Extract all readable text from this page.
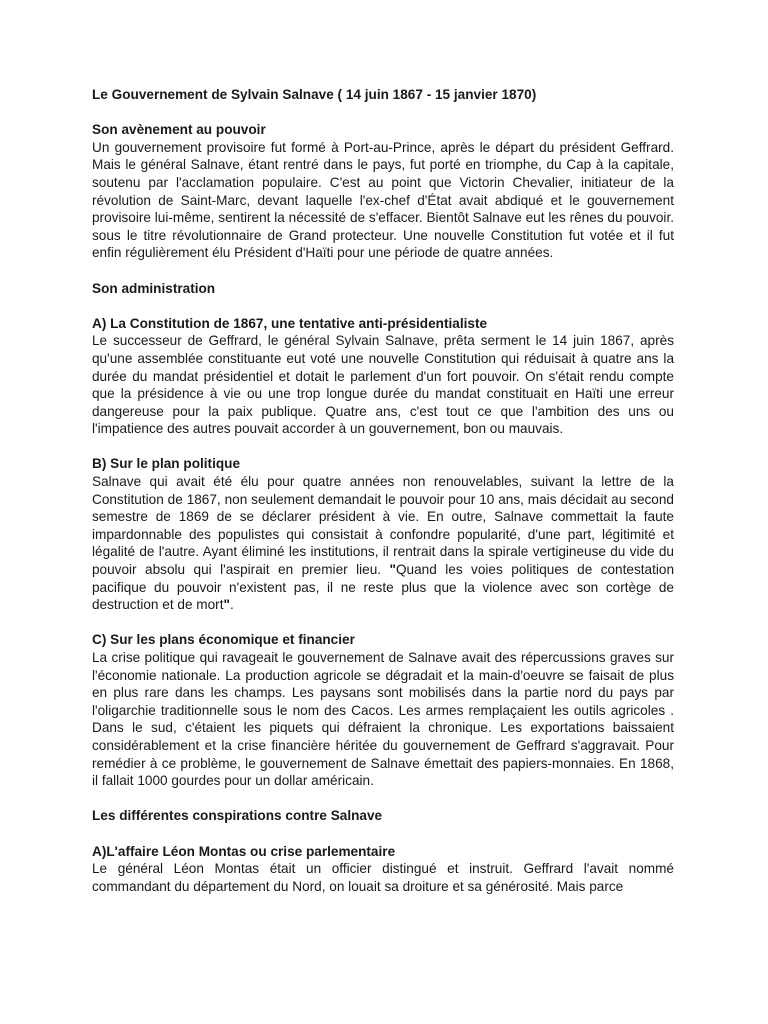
Le Gouvernement de Sylvain Salnave ( 14 juin 1867 - 15 janvier 1870)

Son avènement au pouvoir

Un gouvernement provisoire fut formé à Port-au-Prince, après le départ du président Geffrard. Mais le général Salnave, étant rentré dans le pays, fut porté en triomphe, du Cap à la capitale, soutenu par l'acclamation populaire. C'est au point que Victorin Chevalier, initiateur de la révolution de Saint-Marc, devant laquelle l'ex-chef d'État avait abdiqué et le gouvernement provisoire lui-même, sentirent la nécessité de s'effacer. Bientôt Salnave eut les rênes du pouvoir. sous le titre révolutionnaire de Grand protecteur. Une nouvelle Constitution fut votée et il fut enfin régulièrement élu Président d'Haïti pour une période de quatre années.

Son administration

A) La Constitution de 1867, une tentative anti-présidentialiste

Le successeur de Geffrard, le général Sylvain Salnave, prêta serment le 14 juin 1867, après qu'une assemblée constituante eut voté une nouvelle Constitution qui réduisait à quatre ans la durée du mandat présidentiel et dotait le parlement d'un fort pouvoir. On s'était rendu compte que la présidence à vie ou une trop longue durée du mandat constituait en Haïti une erreur dangereuse pour la paix publique. Quatre ans, c'est tout ce que l'ambition des uns ou l'impatience des autres pouvait accorder à un gouvernement, bon ou mauvais.

B) Sur le plan politique

Salnave qui avait été élu pour quatre années non renouvelables, suivant la lettre de la Constitution de 1867, non seulement demandait le pouvoir pour 10 ans, mais décidait au second semestre de 1869 de se déclarer président à vie. En outre, Salnave commettait la faute impardonnable des populistes qui consistait à confondre popularité, d'une part, légitimité et légalité de l'autre. Ayant éliminé les institutions, il rentrait dans la spirale vertigineuse du vide du pouvoir absolu qui l'aspirait en premier lieu. "Quand les voies politiques de contestation pacifique du pouvoir n'existent pas, il ne reste plus que la violence avec son cortège de destruction et de mort".

C) Sur les plans économique et financier

La crise politique qui ravageait le gouvernement de Salnave avait des répercussions graves sur l'économie nationale. La production agricole se dégradait et la main-d'oeuvre se faisait de plus en plus rare dans les champs. Les paysans sont mobilisés dans la partie nord du pays par l'oligarchie traditionnelle sous le nom des Cacos. Les armes remplaçaient les outils agricoles . Dans le sud, c'étaient les piquets qui défraient la chronique. Les exportations baissaient considérablement et la crise financière héritée du gouvernement de Geffrard s'aggravait. Pour remédier à ce problème, le gouvernement de Salnave émettait des papiers-monnaies. En 1868, il fallait 1000 gourdes pour un dollar américain.

Les différentes conspirations contre Salnave

A)L'affaire Léon Montas ou crise parlementaire

Le général Léon Montas était un officier distingué et instruit. Geffrard l'avait nommé commandant du département du Nord, on louait sa droiture et sa générosité. Mais parce
